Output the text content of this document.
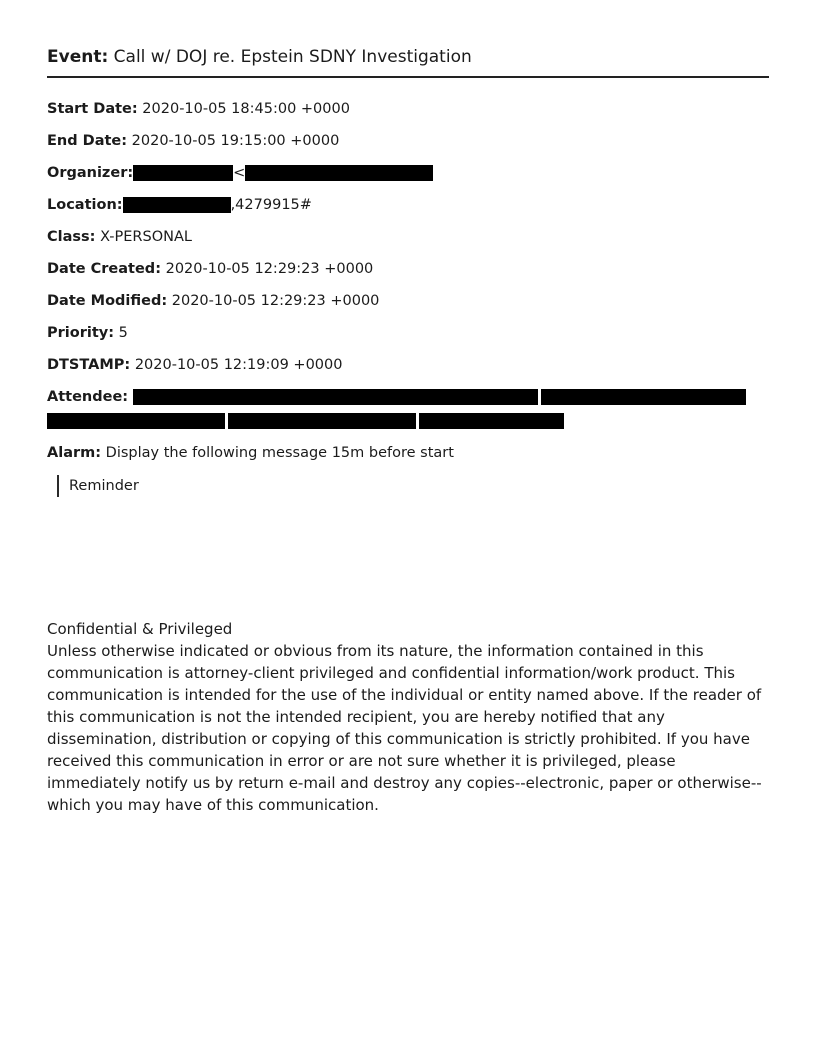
Event: Call w/ DOJ re. Epstein SDNY Investigation
Start Date: 2020-10-05 18:45:00 +0000
End Date: 2020-10-05 19:15:00 +0000
Organizer:	<
Location:	,4279915#
Class: X-PERSONAL
Date Created: 2020-10-05 12:29:23 +0000
Date Modified: 2020-10-05 12:29:23 +0000
Priority: 5
DTSTAMP: 2020-10-05 12:19:09 +0000
Attendee:
Alarm: Display the following message 15m before start
Reminder
Confidential & Privileged
Unless otherwise indicated or obvious from its nature, the information contained in this communication is attorney-client privileged and confidential information/work product. This communication is intended for the use of the individual or entity named above. If the reader of this communication is not the intended recipient, you are hereby notified that any dissemination, distribution or copying of this communication is strictly prohibited. If you have received this communication in error or are not sure whether it is privileged, please immediately notify us by return e-mail and destroy any copies--electronic, paper or otherwise--which you may have of this communication.
